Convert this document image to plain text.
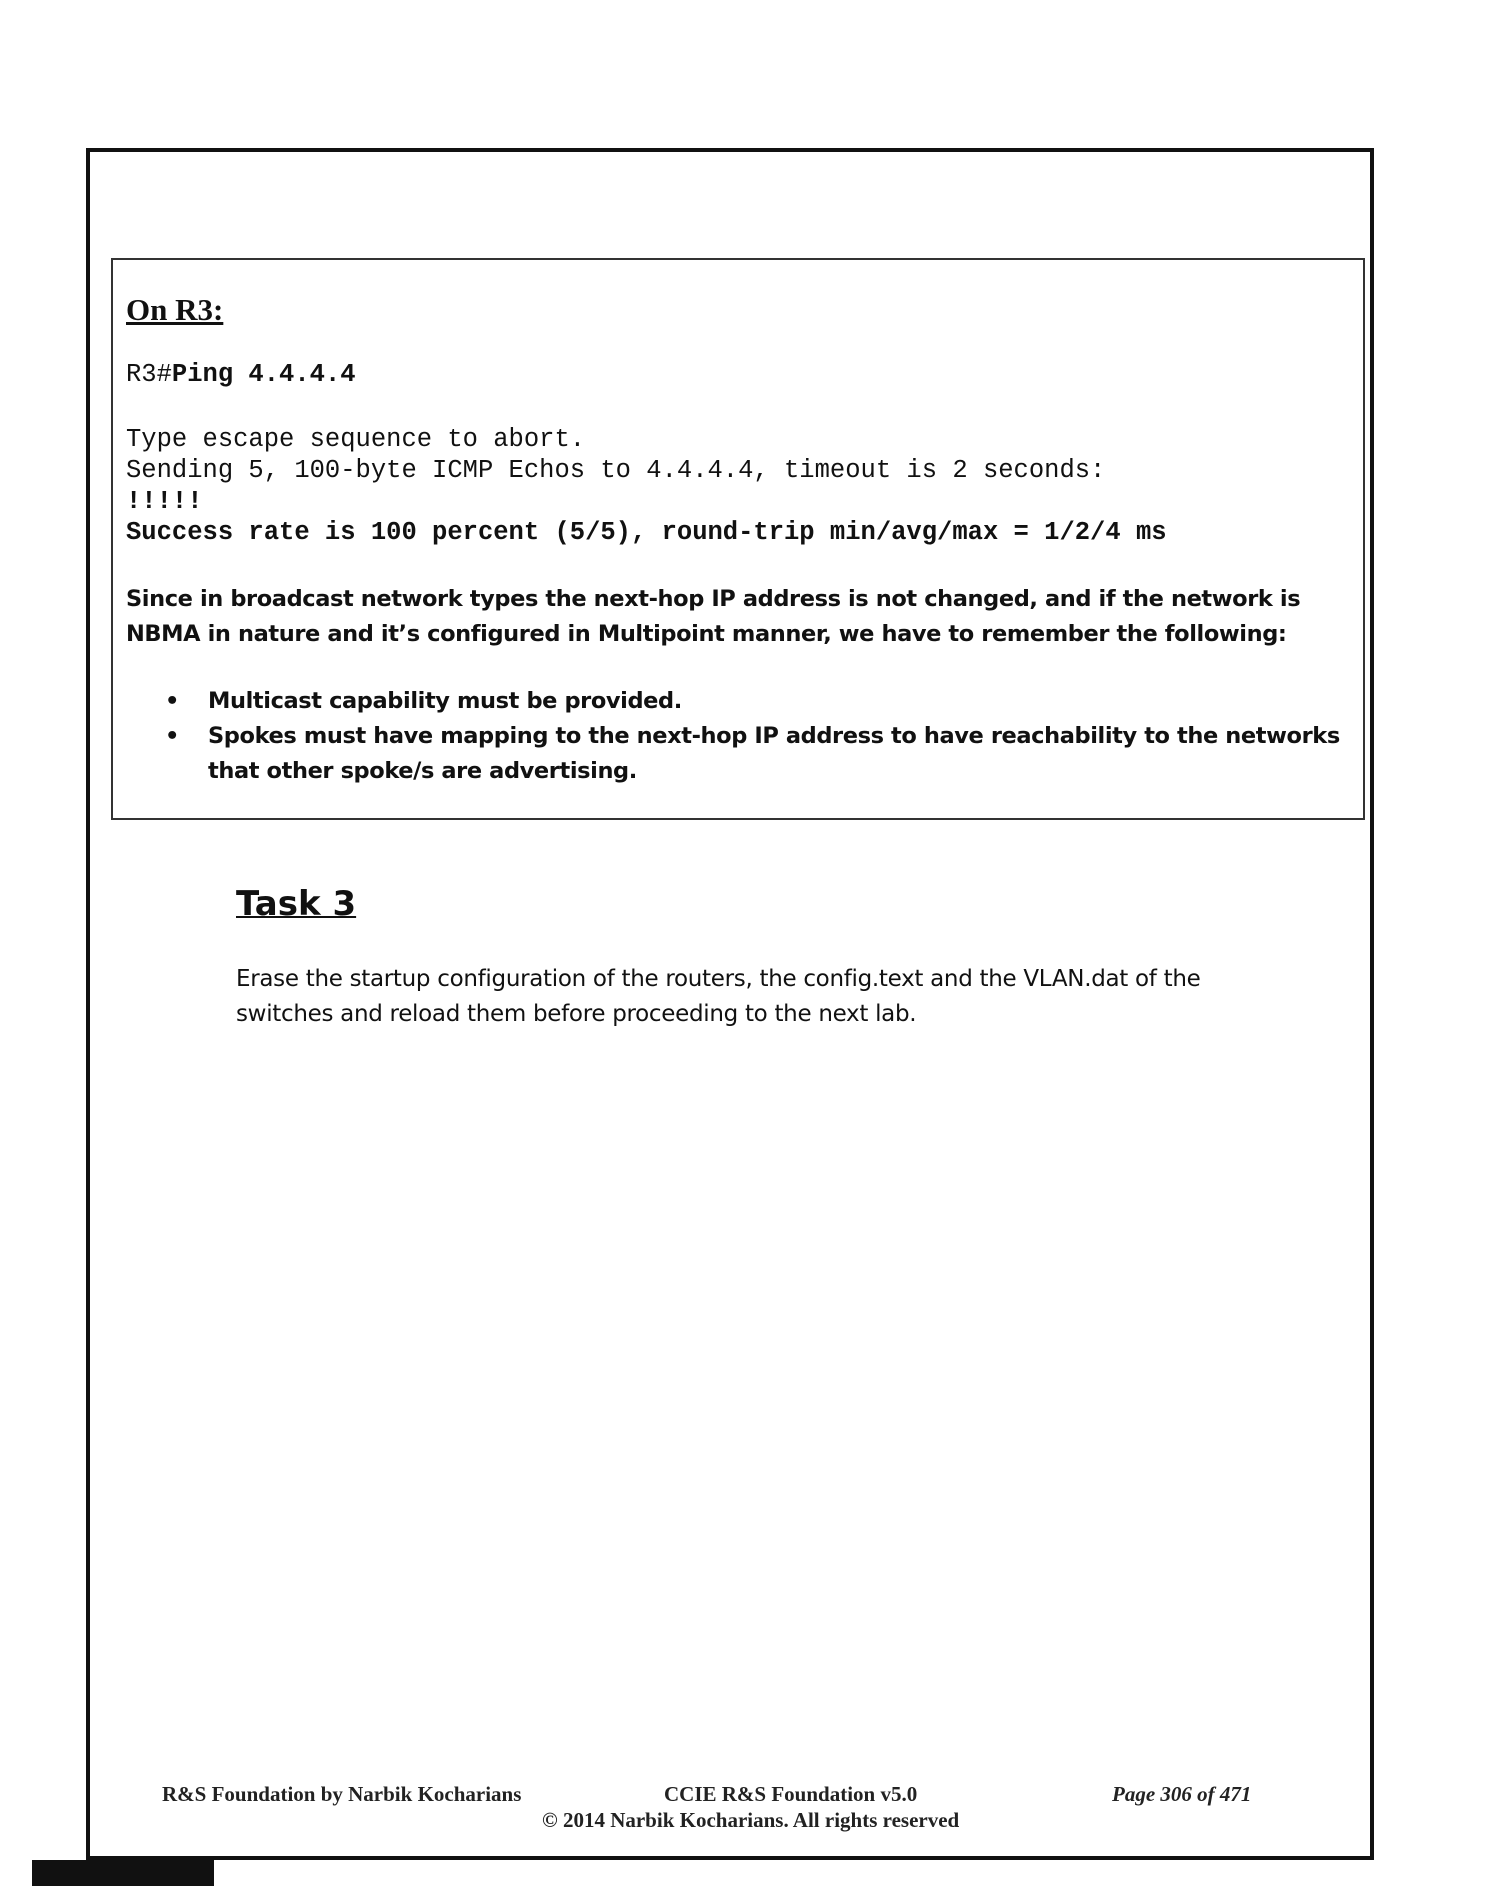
On R3:
R3#Ping 4.4.4.4
Type escape sequence to abort.
Sending 5, 100-byte ICMP Echos to 4.4.4.4, timeout is 2 seconds:
!!!!!
Success rate is 100 percent (5/5), round-trip min/avg/max = 1/2/4 ms
Since in broadcast network types the next-hop IP address is not changed, and if the network is NBMA in nature and it’s configured in Multipoint manner, we have to remember the following:
• Multicast capability must be provided.
• Spokes must have mapping to the next-hop IP address to have reachability to the networks that other spoke/s are advertising.
Task 3
Erase the startup configuration of the routers, the config.text and the VLAN.dat of the switches and reload them before proceeding to the next lab.
R&S Foundation by Narbik Kocharians	CCIE R&S Foundation v5.0	Page 306 of 471
© 2014 Narbik Kocharians. All rights reserved
